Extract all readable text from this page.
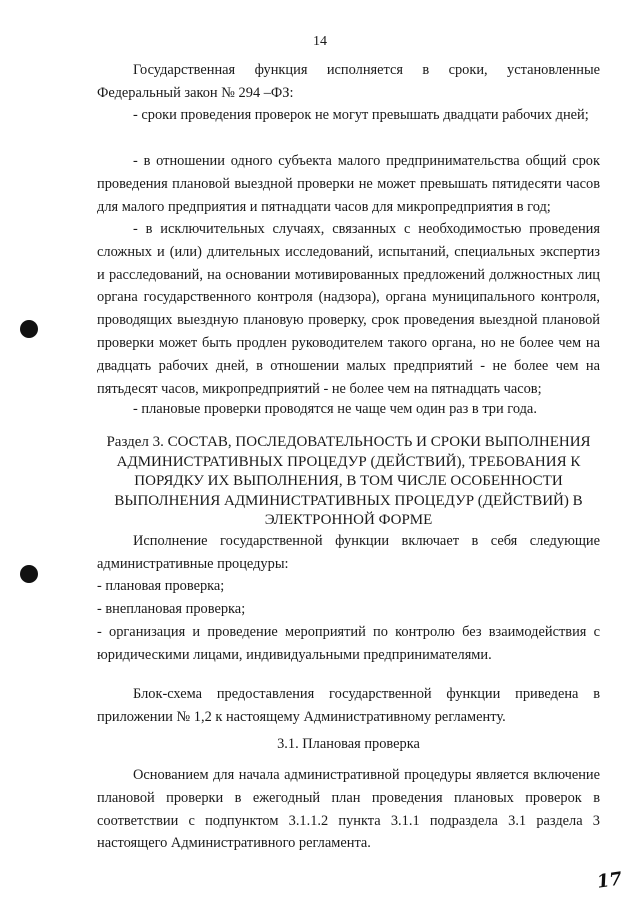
14

Государственная функция исполняется в сроки, установленные Федеральный закон № 294 –ФЗ:

- сроки проведения проверок не могут превышать двадцати рабочих дней;

- в отношении одного субъекта малого предпринимательства общий срок проведения плановой выездной проверки не может превышать пятидесяти часов для малого предприятия и пятнадцати часов для микропредприятия в год;

- в исключительных случаях, связанных с необходимостью проведения сложных и (или) длительных исследований, испытаний, специальных экспертиз и расследований, на основании мотивированных предложений должностных лиц органа государственного контроля (надзора), органа муниципального контроля, проводящих выездную плановую проверку, срок проведения выездной плановой проверки может быть продлен руководителем такого органа, но не более чем на двадцать рабочих дней, в отношении малых предприятий - не более чем на пятьдесят часов, микропредприятий - не более чем на пятнадцать часов;

- плановые проверки проводятся не чаще чем один раз в три года.

Раздел 3. СОСТАВ, ПОСЛЕДОВАТЕЛЬНОСТЬ И СРОКИ ВЫПОЛНЕНИЯ АДМИНИСТРАТИВНЫХ ПРОЦЕДУР (ДЕЙСТВИЙ), ТРЕБОВАНИЯ К ПОРЯДКУ ИХ ВЫПОЛНЕНИЯ, В ТОМ ЧИСЛЕ ОСОБЕННОСТИ ВЫПОЛНЕНИЯ АДМИНИСТРАТИВНЫХ ПРОЦЕДУР (ДЕЙСТВИЙ) В ЭЛЕКТРОННОЙ ФОРМЕ

Исполнение государственной функции включает в себя следующие административные процедуры:

- плановая проверка;

- внеплановая проверка;

- организация и проведение мероприятий по контролю без взаимодействия с юридическими лицами, индивидуальными предпринимателями.

Блок-схема предоставления государственной функции приведена в приложении № 1,2 к настоящему Административному регламенту.

3.1. Плановая проверка

Основанием для начала административной процедуры является включение плановой проверки в ежегодный план проведения плановых проверок в соответствии с подпунктом 3.1.1.2 пункта 3.1.1 подраздела 3.1 раздела 3 настоящего Административного регламента.

17
